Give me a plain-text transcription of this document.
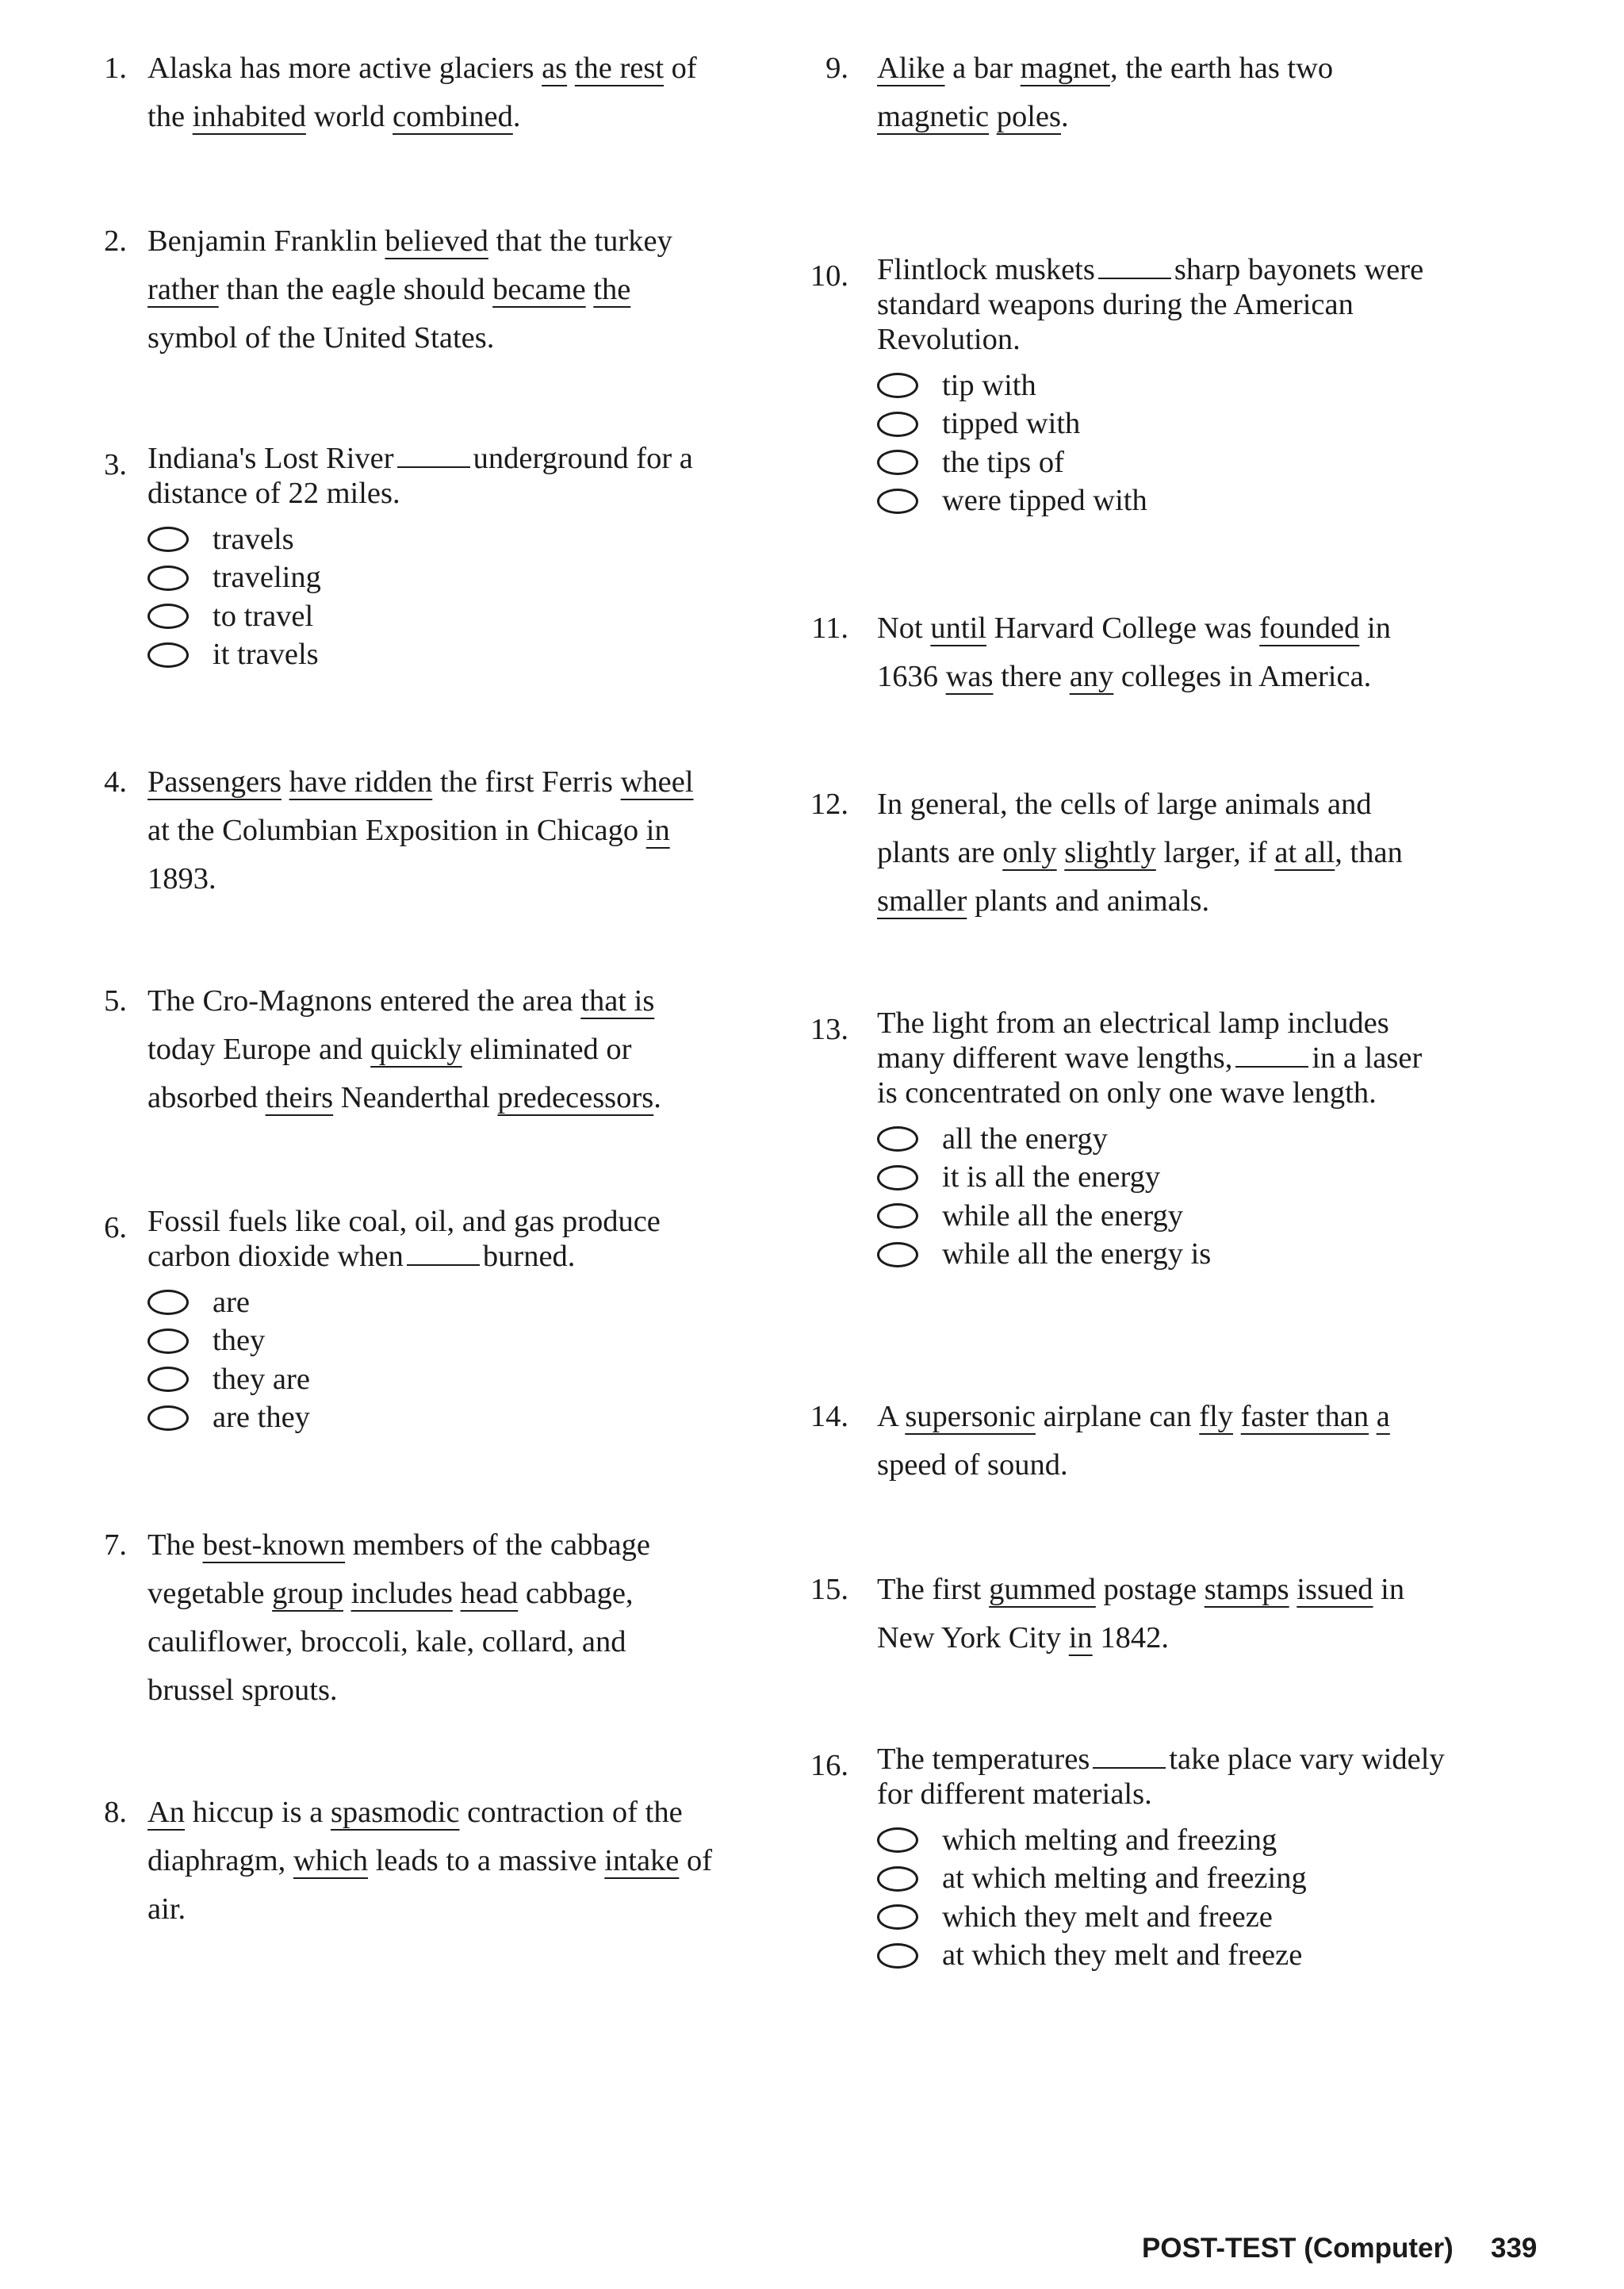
1. Alaska has more active glaciers as the rest of the inhabited world combined.
2. Benjamin Franklin believed that the turkey rather than the eagle should became the symbol of the United States.
3. Indiana's Lost River	underground for a distance of 22 miles.
travels
traveling
to travel
it travels
4. Passengers have ridden the first Ferris wheel at the Columbian Exposition in Chicago in 1893.
5. The Cro-Magnons entered the area that is today Europe and quickly eliminated or absorbed theirs Neanderthal predecessors.
6. Fossil fuels like coal, oil, and gas produce carbon dioxide when	burned.
are
they
they are
are they
7. The best-known members of the cabbage vegetable group includes head cabbage, cauliflower, broccoli, kale, collard, and brussel sprouts.
8. An hiccup is a spasmodic contraction of the diaphragm, which leads to a massive intake of air.
9. Alike a bar magnet, the earth has two magnetic poles.
10. Flintlock muskets	sharp bayonets were standard weapons during the American Revolution.
tip with
tipped with
the tips of
were tipped with
11. Not until Harvard College was founded in 1636 was there any colleges in America.
12. In general, the cells of large animals and plants are only slightly larger, if at all, than smaller plants and animals.
13. The light from an electrical lamp includes many different wave lengths,	in a laser is concentrated on only one wave length.
all the energy
it is all the energy
while all the energy
while all the energy is
14. A supersonic airplane can fly faster than a speed of sound.
15. The first gummed postage stamps issued in New York City in 1842.
16. The temperatures	take place vary widely for different materials.
which melting and freezing
at which melting and freezing
which they melt and freeze
at which they melt and freeze
POST-TEST (Computer) 339
